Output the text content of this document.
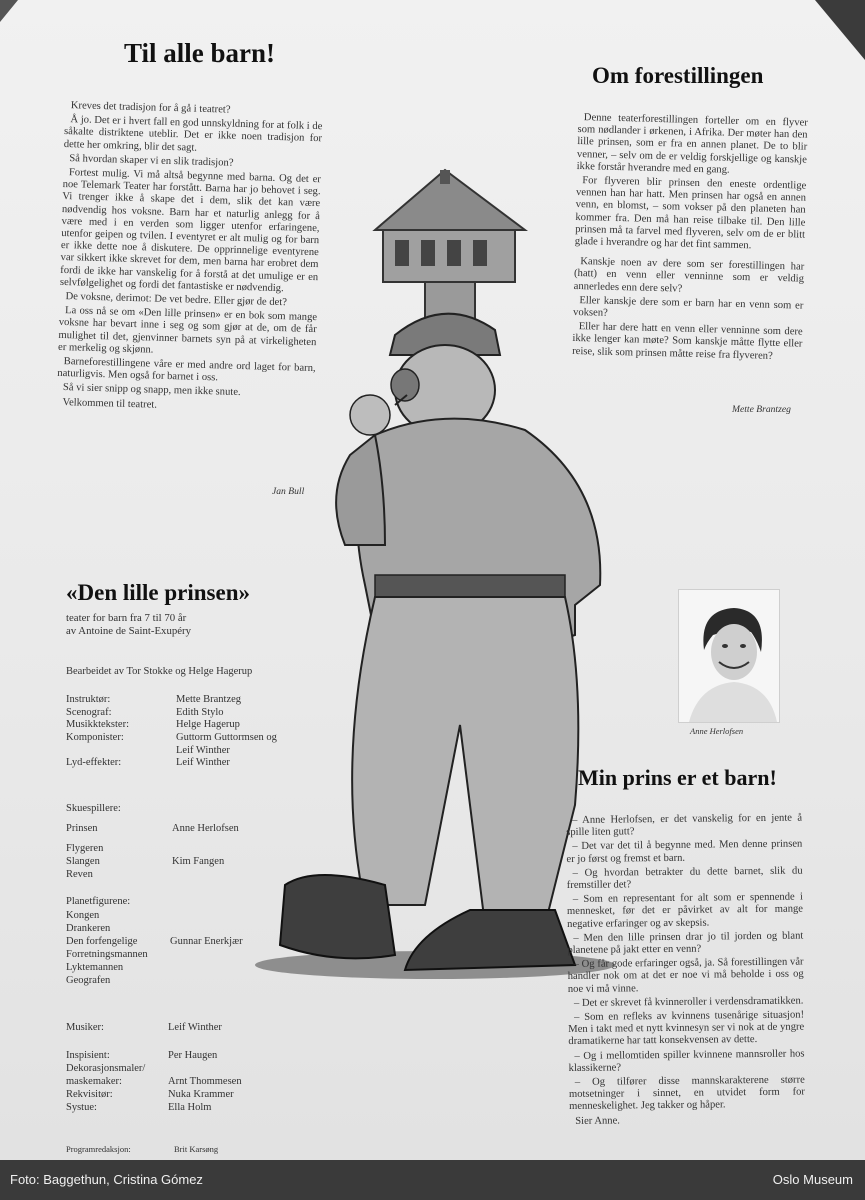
Til alle barn!

Kreves det tradisjon for å gå i teatret?

Å jo. Det er i hvert fall en god unnskyldning for at folk i de såkalte distriktene uteblir. Det er ikke noen tradisjon for dette her omkring, blir det sagt.

Så hvordan skaper vi en slik tradisjon?

Fortest mulig. Vi må altså begynne med barna. Og det er noe Telemark Teater har forstått. Barna har jo behovet i seg. Vi trenger ikke å skape det i dem, slik det kan være nødvendig hos voksne. Barn har et naturlig anlegg for å være med i en verden som ligger utenfor erfaringene, utenfor geipen og tvilen. I eventyret er alt mulig og for barn er ikke dette noe å diskutere. De opprinnelige eventyrene var sikkert ikke skrevet for dem, men barna har erobret dem fordi de ikke har vanskelig for å forstå at det umulige er en selvfølgelighet og fordi det fantastiske er nødvendig.

De voksne, derimot: De vet bedre. Eller gjør de det?

La oss nå se om «Den lille prinsen» er en bok som mange voksne har bevart inne i seg og som gjør at de, om de får mulighet til det, gjenvinner barnets syn på at virkeligheten er merkelig og skjønn.

Barneforestillingene våre er med andre ord laget for barn, naturligvis. Men også for barnet i oss.

Så vi sier snipp og snapp, men ikke snute.

Velkommen til teatret.

Jan Bull
Om forestillingen

Denne teaterforestillingen forteller om en flyver som nødlander i ørkenen, i Afrika. Der møter han den lille prinsen, som er fra en annen planet. De to blir venner, – selv om de er veldig forskjellige og kanskje ikke forstår hverandre med en gang.

For flyveren blir prinsen den eneste ordentlige vennen han har hatt. Men prinsen har også en annen venn, en blomst, – som vokser på den planeten han kommer fra. Den må han reise tilbake til. Den lille prinsen må ta farvel med flyveren, selv om de er blitt glade i hverandre og har det fint sammen.

Kanskje noen av dere som ser forestillingen har (hatt) en venn eller venninne som er veldig annerledes enn dere selv?

Eller kanskje dere som er barn har en venn som er voksen?

Eller har dere hatt en venn eller venninne som dere ikke lenger kan møte? Som kanskje måtte flytte eller reise, slik som prinsen måtte reise fra flyveren?

Mette Brantzeg
«Den lille prinsen»
teater for barn fra 7 til 70 år
av Antoine de Saint-Exupéry
Bearbeidet av Tor Stokke og Helge Hagerup
Instruktør:	Mette Brantzeg
Scenograf:	Edith Stylo
Musikktekster:	Helge Hagerup
Komponister:	Guttorm Guttormsen og
Leif Winther
Lyd-effekter:	Leif Winther
Skuespillere:
Prinsen	Anne Herlofsen
Flygeren
Slangen	Kim Fangen
Reven
Planetfigurene:
Kongen
Drankeren
Den forfengelige	Gunnar Enerkjær
Forretningsmannen
Lyktemannen
Geografen
Musiker:	Leif Winther
Inspisient:	Per Haugen
Dekorasjonsmaler/
maskemaker:	Arnt Thommesen
Rekvisitør:	Nuka Krammer
Systue:	Ella Holm
Programredaksjon:	Brit Karsøng
Anne Herlofsen
Min prins er et barn!

– Anne Herlofsen, er det vanskelig for en jente å spille liten gutt?

– Det var det til å begynne med. Men denne prinsen er jo først og fremst et barn.

– Og hvordan betrakter du dette barnet, slik du fremstiller det?

– Som en representant for alt som er spennende i mennesket, før det er påvirket av alt for mange negative erfaringer og av skepsis.

– Men den lille prinsen drar jo til jorden og blant planetene på jakt etter en venn?

– Og får gode erfaringer også, ja. Så forestillingen vår handler nok om at det er noe vi må beholde i oss og noe vi må vinne.

– Det er skrevet få kvinneroller i verdensdramatikken.

– Som en refleks av kvinnens tusenårige situasjon! Men i takt med et nytt kvinnesyn ser vi nok at de yngre dramatikerne har tatt konsekvensen av dette.

– Og i mellomtiden spiller kvinnene mannsroller hos klassikerne?

– Og tilfører disse mannskarakterene større motsetninger i sinnet, en utvidet form for menneskelighet. Jeg takker og håper.

Sier Anne.

Foto: Baggethun, Cristina Gómez	Oslo Museum
